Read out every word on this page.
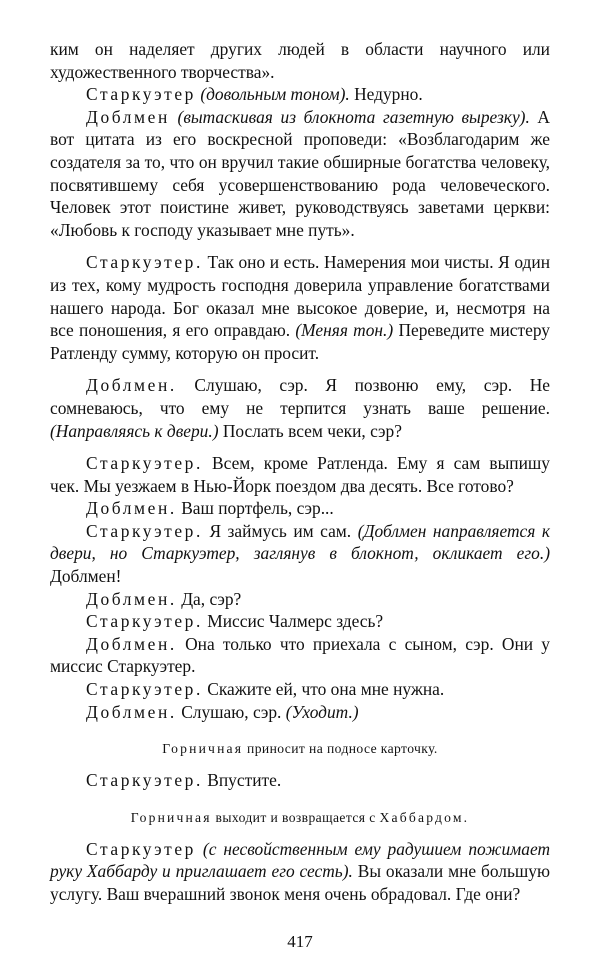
ким он наделяет других людей в области научного или художественного творчества».

Старкуэтер (довольным тоном). Недурно.

Доблмен (вытаскивая из блокнота газетную вырезку). А вот цитата из его воскресной проповеди: «Возблагодарим же создателя за то, что он вручил такие обширные богатства человеку, посвятившему себя усовершенствованию рода человеческого. Человек этот поистине живет, руководствуясь заветами церкви: «Любовь к господу указывает мне путь».

Старкуэтер. Так оно и есть. Намерения мои чисты. Я один из тех, кому мудрость господня доверила управление богатствами нашего народа. Бог оказал мне высокое доверие, и, несмотря на все поношения, я его оправдаю. (Меняя тон.) Переведите мистеру Ратленду сумму, которую он просит.

Доблмен. Слушаю, сэр. Я позвоню ему, сэр. Не сомневаюсь, что ему не терпится узнать ваше решение. (Направляясь к двери.) Послать всем чеки, сэр?

Старкуэтер. Всем, кроме Ратленда. Ему я сам выпишу чек. Мы уезжаем в Нью-Йорк поездом два десять. Все готово?

Доблмен. Ваш портфель, сэр...

Старкуэтер. Я займусь им сам. (Доблмен направляется к двери, но Старкуэтер, заглянув в блокнот, окликает его.) Доблмен!

Доблмен. Да, сэр?

Старкуэтер. Миссис Чалмерс здесь?

Доблмен. Она только что приехала с сыном, сэр. Они у миссис Старкуэтер.

Старкуэтер. Скажите ей, что она мне нужна.

Доблмен. Слушаю, сэр. (Уходит.)

Горничная приносит на подносе карточку.

Старкуэтер. Впустите.

Горничная выходит и возвращается с Хаббардом.

Старкуэтер (с несвойственным ему радушием пожимает руку Хаббарду и приглашает его сесть). Вы оказали мне большую услугу. Ваш вчерашний звонок меня очень обрадовал. Где они?

417
